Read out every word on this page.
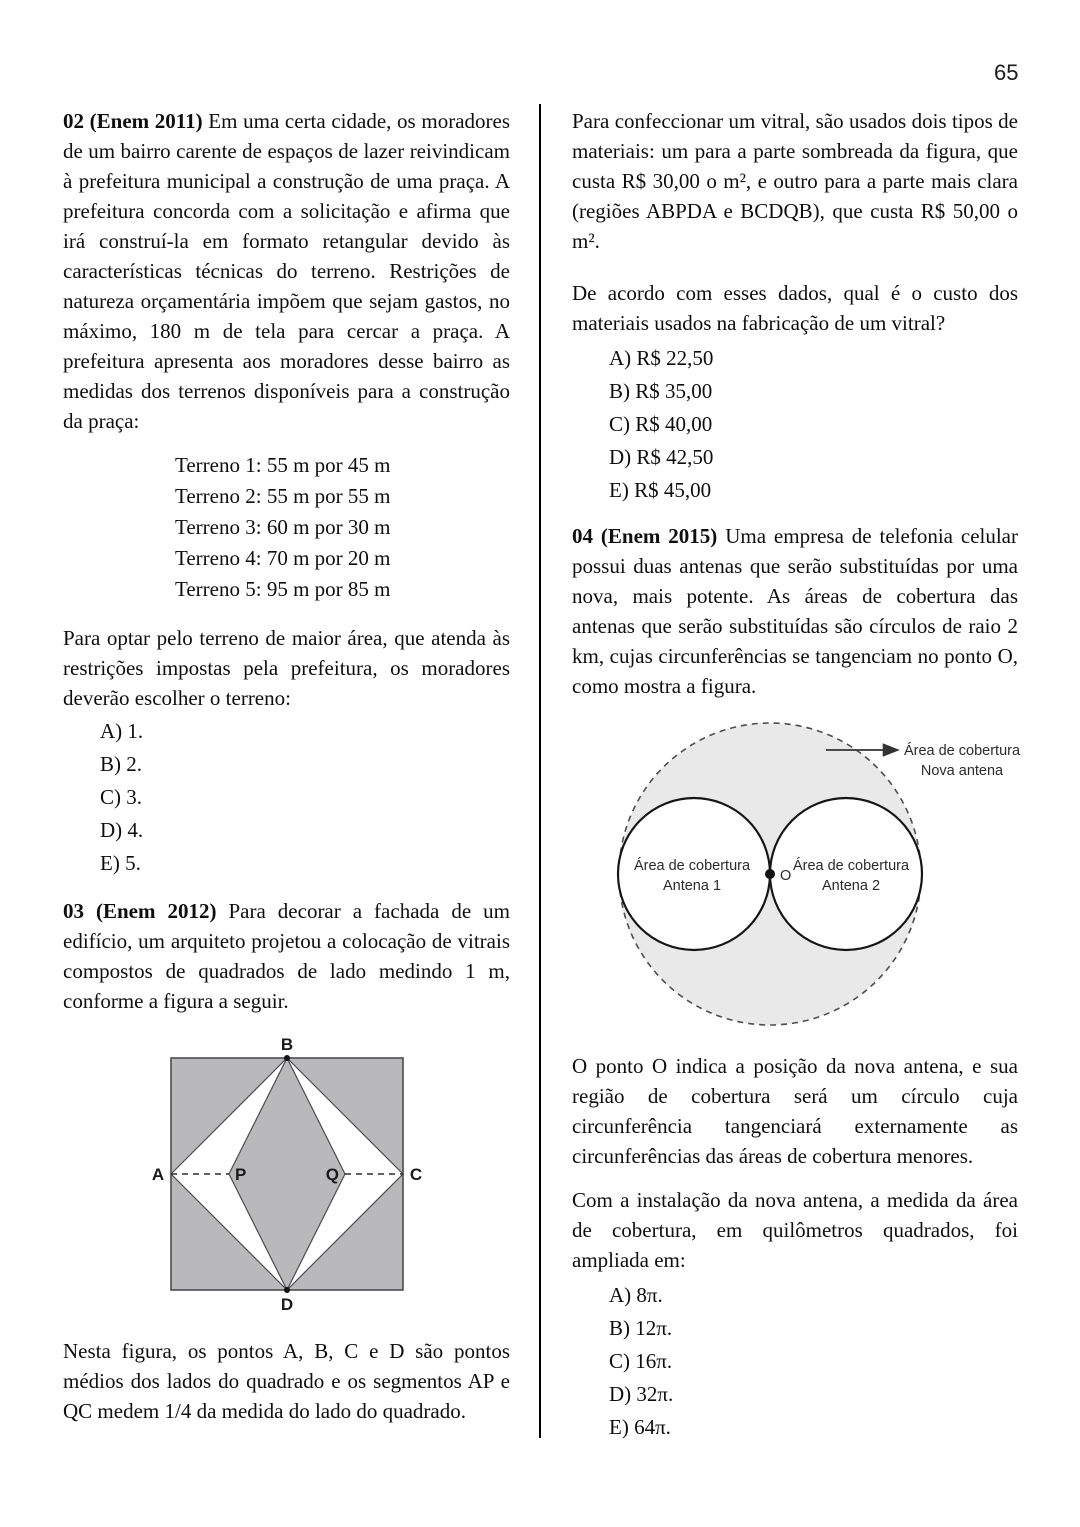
65

02 (Enem 2011) Em uma certa cidade, os moradores de um bairro carente de espaços de lazer reivindicam à prefeitura municipal a construção de uma praça. A prefeitura concorda com a solicitação e afirma que irá construí-la em formato retangular devido às características técnicas do terreno. Restrições de natureza orçamentária impõem que sejam gastos, no máximo, 180 m de tela para cercar a praça. A prefeitura apresenta aos moradores desse bairro as medidas dos terrenos disponíveis para a construção da praça:

Terreno 1: 55 m por 45 m
Terreno 2: 55 m por 55 m
Terreno 3: 60 m por 30 m
Terreno 4: 70 m por 20 m
Terreno 5: 95 m por 85 m

Para optar pelo terreno de maior área, que atenda às restrições impostas pela prefeitura, os moradores deverão escolher o terreno:

A) 1.
B) 2.
C) 3.
D) 4.
E) 5.

03 (Enem 2012) Para decorar a fachada de um edifício, um arquiteto projetou a colocação de vitrais compostos de quadrados de lado medindo 1 m, conforme a figura a seguir.

B
D
A	C
P	Q

Nesta figura, os pontos A, B, C e D são pontos médios dos lados do quadrado e os segmentos AP e QC medem 1/4 da medida do lado do quadrado.

Para confeccionar um vitral, são usados dois tipos de materiais: um para a parte sombreada da figura, que custa R$ 30,00 o m², e outro para a parte mais clara (regiões ABPDA e BCDQB), que custa R$ 50,00 o m².

De acordo com esses dados, qual é o custo dos materiais usados na fabricação de um vitral?

A) R$ 22,50
B) R$ 35,00
C) R$ 40,00
D) R$ 42,50
E) R$ 45,00

04 (Enem 2015) Uma empresa de telefonia celular possui duas antenas que serão substituídas por uma nova, mais potente. As áreas de cobertura das antenas que serão substituídas são círculos de raio 2 km, cujas circunferências se tangenciam no ponto O, como mostra a figura.

O
Área de cobertura
Antena 1
Área de cobertura
Antena 2
Área de cobertura
Nova antena

O ponto O indica a posição da nova antena, e sua região de cobertura será um círculo cuja circunferência tangenciará externamente as circunferências das áreas de cobertura menores.

Com a instalação da nova antena, a medida da área de cobertura, em quilômetros quadrados, foi ampliada em:

A) 8π.
B) 12π.
C) 16π.
D) 32π.
E) 64π.
